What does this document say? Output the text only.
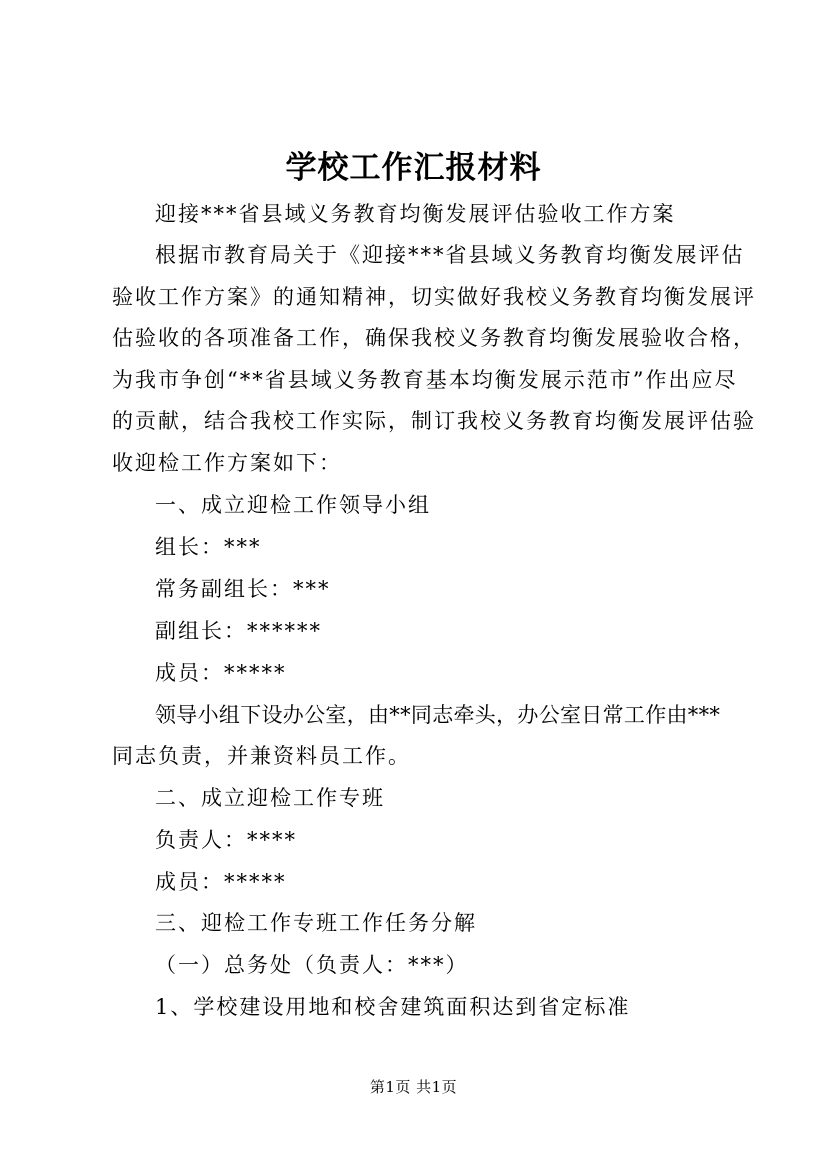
学校工作汇报材料
迎接***省县域义务教育均衡发展评估验收工作方案
根据市教育局关于《迎接***省县域义务教育均衡发展评估
验收工作方案》的通知精神，切实做好我校义务教育均衡发展评
估验收的各项准备工作，确保我校义务教育均衡发展验收合格，
为我市争创“**省县域义务教育基本均衡发展示范市”作出应尽
的贡献，结合我校工作实际，制订我校义务教育均衡发展评估验
收迎检工作方案如下：
一、成立迎检工作领导小组
组长：***
常务副组长：***
副组长：******
成员：*****
领导小组下设办公室，由**同志牵头，办公室日常工作由***
同志负责，并兼资料员工作。
二、成立迎检工作专班
负责人：****
成员：*****
三、迎检工作专班工作任务分解
（一）总务处（负责人：***）
1、学校建设用地和校舍建筑面积达到省定标准
第1页 共1页
